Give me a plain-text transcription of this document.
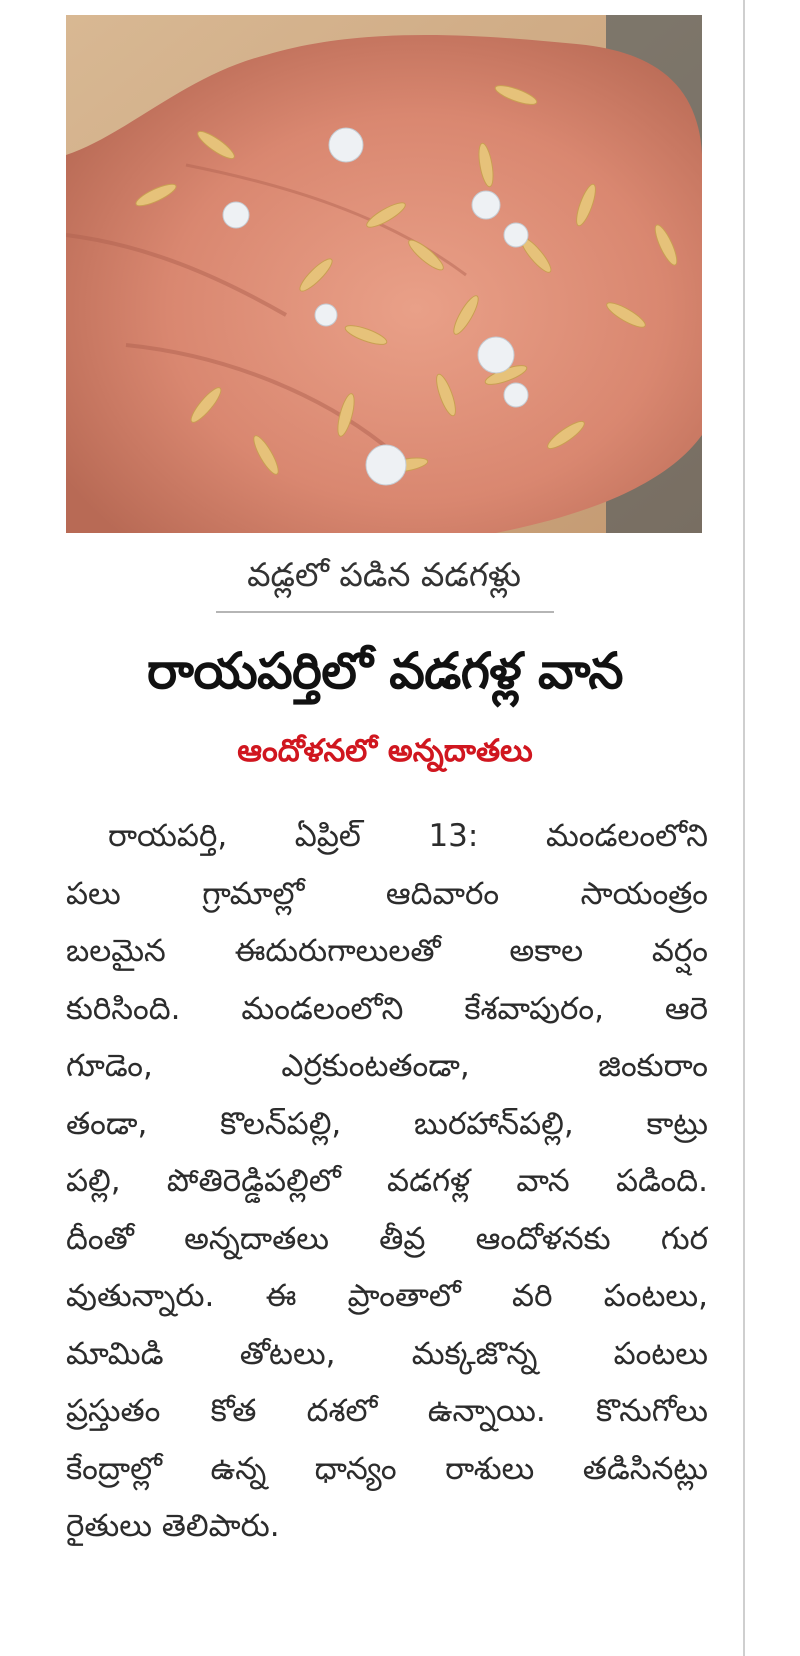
వడ్లలో పడిన వడగళ్లు
రాయపర్తిలో వడగళ్ల వాన
ఆందోళనలో అన్నదాతలు
రాయపర్తి, ఏప్రిల్ 13: మండలంలోని
పలు గ్రామాల్లో ఆదివారం సాయంత్రం
బలమైన ఈదురుగాలులతో అకాల వర్షం
కురిసింది. మండలంలోని కేశవాపురం, ఆరె
గూడెం, ఎర్రకుంటతండా, జింకురాం
తండా, కొలన్‌పల్లి, బురహాన్‌పల్లి, కాట్రు
పల్లి, పోతిరెడ్డిపల్లిలో వడగళ్ల వాన పడింది.
దీంతో అన్నదాతలు తీవ్ర ఆందోళనకు గుర
వుతున్నారు. ఈ ప్రాంతాలో వరి పంటలు,
మామిడి తోటలు, మక్కజొన్న పంటలు
ప్రస్తుతం కోత దశలో ఉన్నాయి. కొనుగోలు
కేంద్రాల్లో ఉన్న ధాన్యం రాశులు తడిసినట్లు
రైతులు తెలిపారు.
